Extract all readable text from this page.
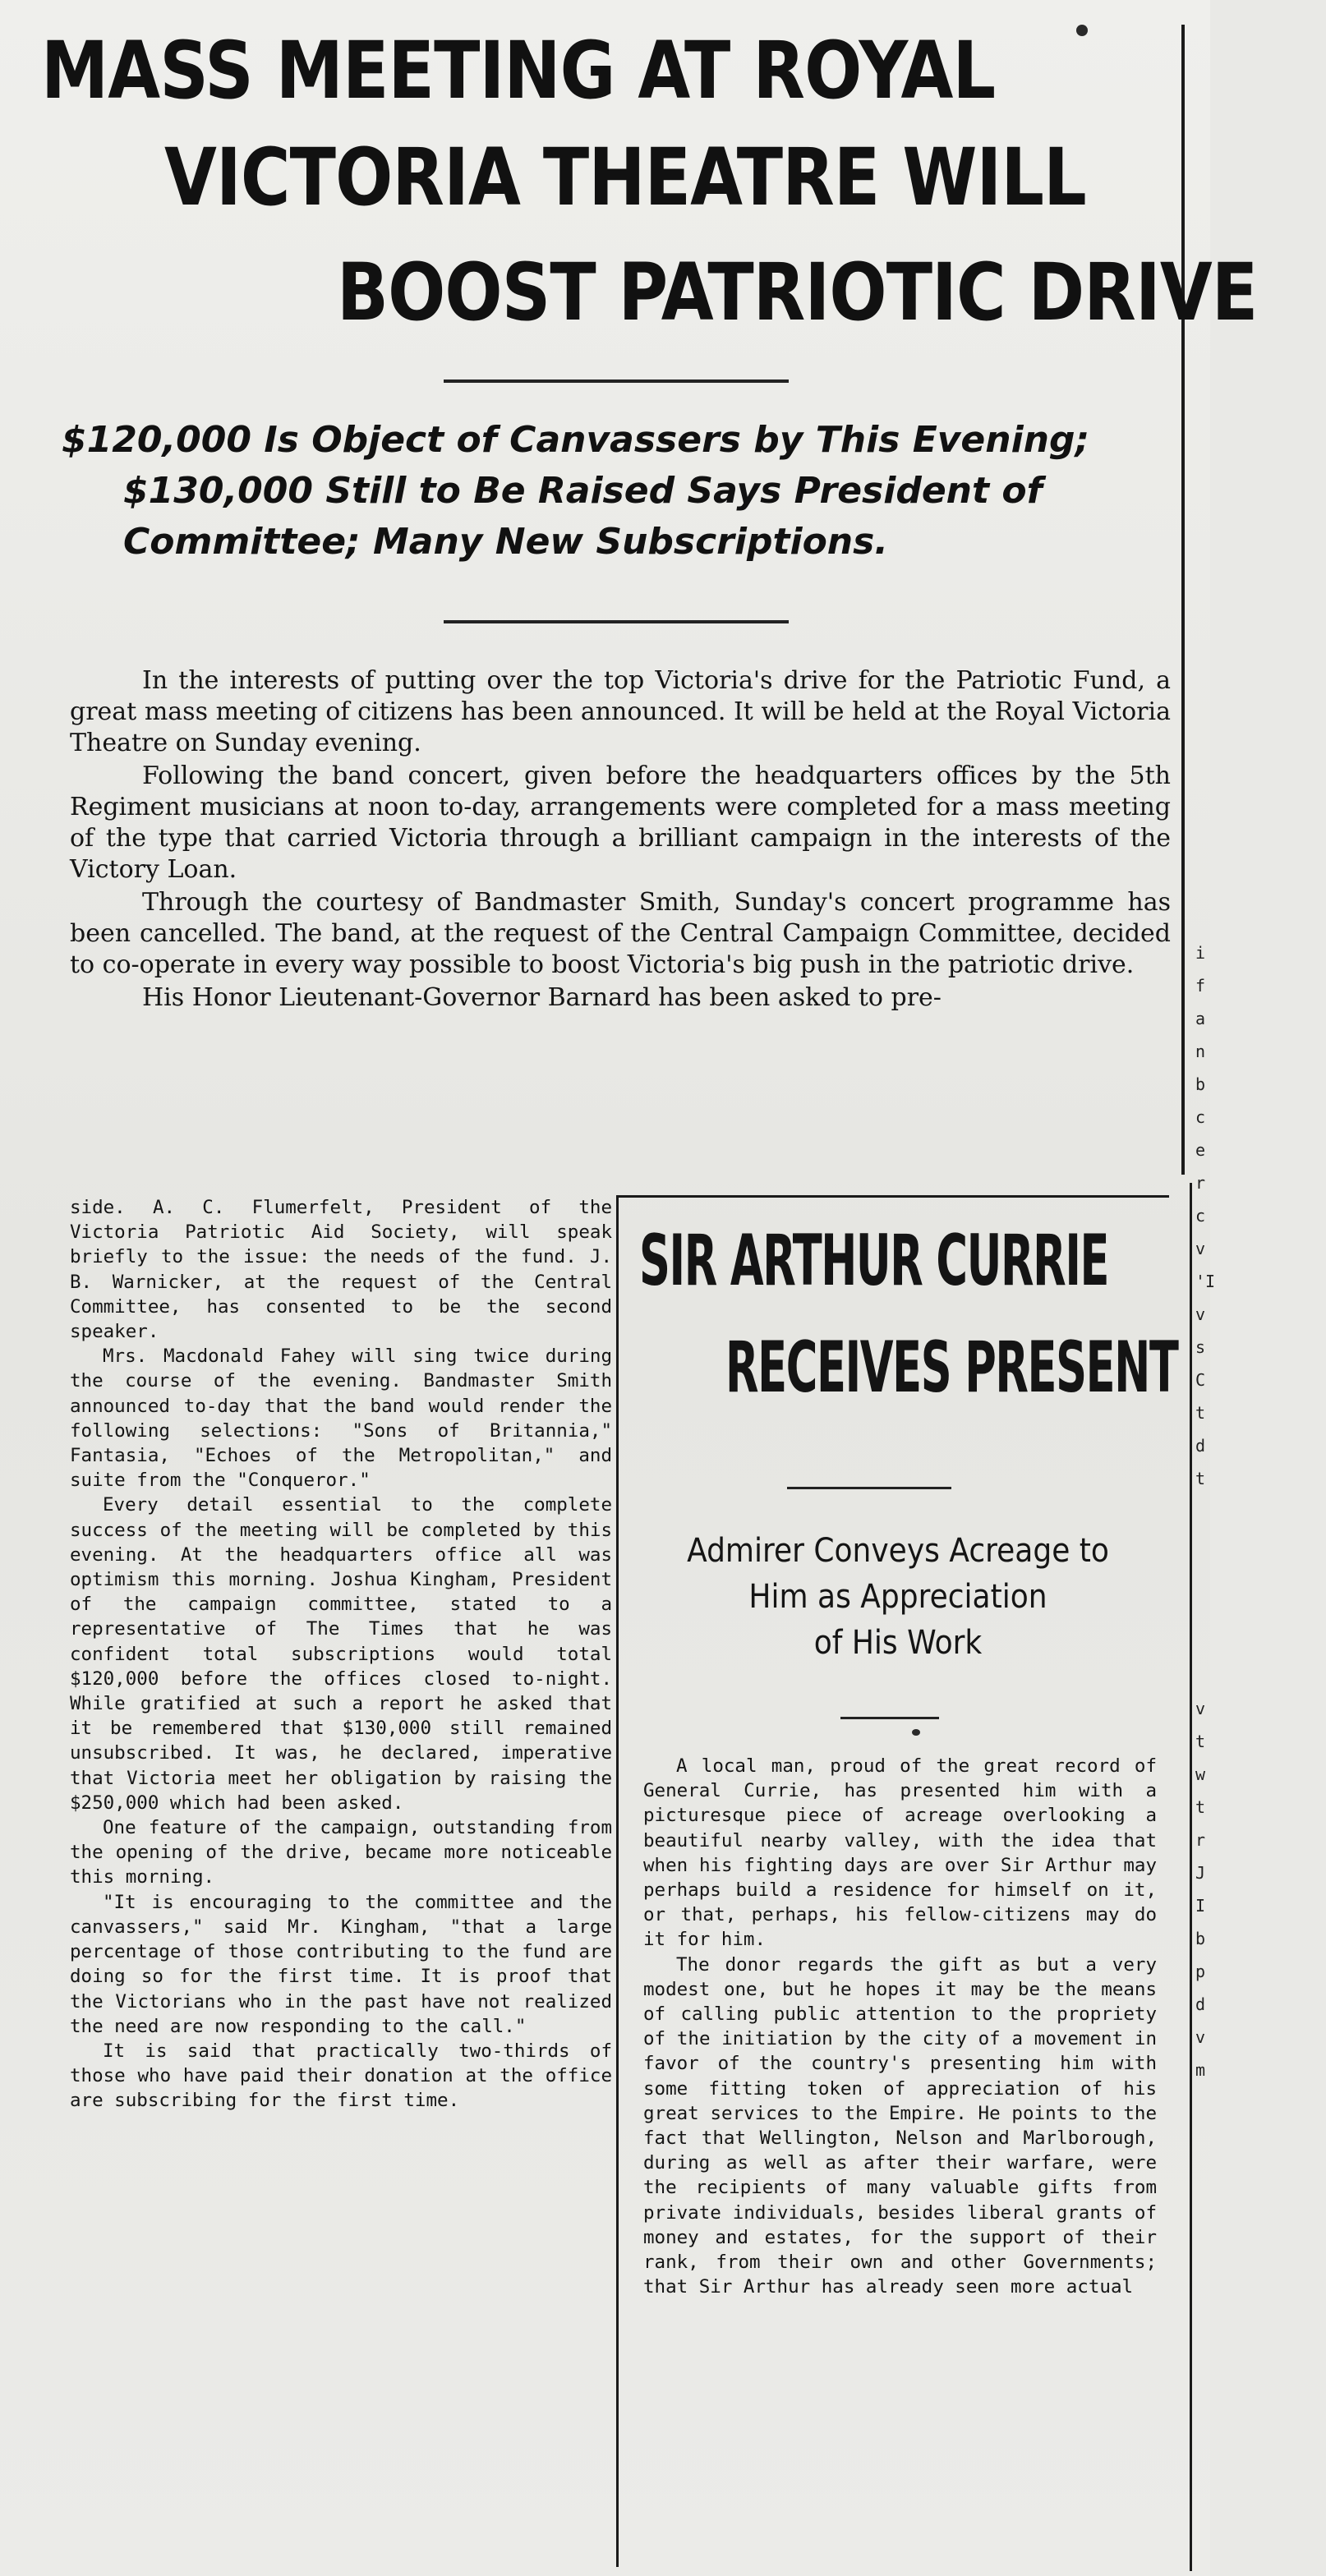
MASS MEETING AT ROYAL
VICTORIA THEATRE WILL
BOOST PATRIOTIC DRIVE
$120,000 Is Object of Canvassers by This Evening;
$130,000 Still to Be Raised Says President of
Committee; Many New Subscriptions.

In the interests of putting over the top Victoria's drive for the Patriotic Fund, a great mass meeting of citizens has been announced. It will be held at the Royal Victoria Theatre on Sunday evening.

Following the band concert, given before the headquarters offices by the 5th Regiment musicians at noon to-day, arrangements were completed for a mass meeting of the type that carried Victoria through a brilliant campaign in the interests of the Victory Loan.

Through the courtesy of Bandmaster Smith, Sunday's concert programme has been cancelled. The band, at the request of the Central Campaign Committee, decided to co-operate in every way possible to boost Victoria's big push in the patriotic drive.

His Honor Lieutenant-Governor Barnard has been asked to pre-

side. A. C. Flumerfelt, President of the Victoria Patriotic Aid Society, will speak briefly to the issue: the needs of the fund. J. B. Warnicker, at the request of the Central Committee, has consented to be the second speaker.

Mrs. Macdonald Fahey will sing twice during the course of the evening. Bandmaster Smith announced to-day that the band would render the following selections: "Sons of Britannia," Fantasia, "Echoes of the Metropolitan," and suite from the "Conqueror."

Every detail essential to the complete success of the meeting will be completed by this evening. At the headquarters office all was optimism this morning. Joshua Kingham, President of the campaign committee, stated to a representative of The Times that he was confident total subscriptions would total $120,000 before the offices closed to-night. While gratified at such a report he asked that it be remembered that $130,000 still remained unsubscribed. It was, he declared, imperative that Victoria meet her obligation by raising the $250,000 which had been asked.

One feature of the campaign, outstanding from the opening of the drive, became more noticeable this morning.

"It is encouraging to the committee and the canvassers," said Mr. Kingham, "that a large percentage of those contributing to the fund are doing so for the first time. It is proof that the Victorians who in the past have not realized the need are now responding to the call."

It is said that practically two-thirds of those who have paid their donation at the office are subscribing for the first time.

SIR ARTHUR CURRIE
RECEIVES PRESENT
Admirer Conveys Acreage to
Him as Appreciation
of His Work

A local man, proud of the great record of General Currie, has presented him with a picturesque piece of acreage overlooking a beautiful nearby valley, with the idea that when his fighting days are over Sir Arthur may perhaps build a residence for himself on it, or that, perhaps, his fellow-citizens may do it for him.

The donor regards the gift as but a very modest one, but he hopes it may be the means of calling public attention to the propriety of the initiation by the city of a movement in favor of the country's presenting him with some fitting token of appreciation of his great services to the Empire. He points to the fact that Wellington, Nelson and Marlborough, during as well as after their warfare, were the recipients of many valuable gifts from private individuals, besides liberal grants of money and estates, for the support of their rank, from their own and other Governments; that Sir Arthur has already seen more actual

i
f
a
n
b
c
e
r
c
v
'I
v
s
C
t
d
t

v
t
w
t
r
J
I
b
p
d
v
m
